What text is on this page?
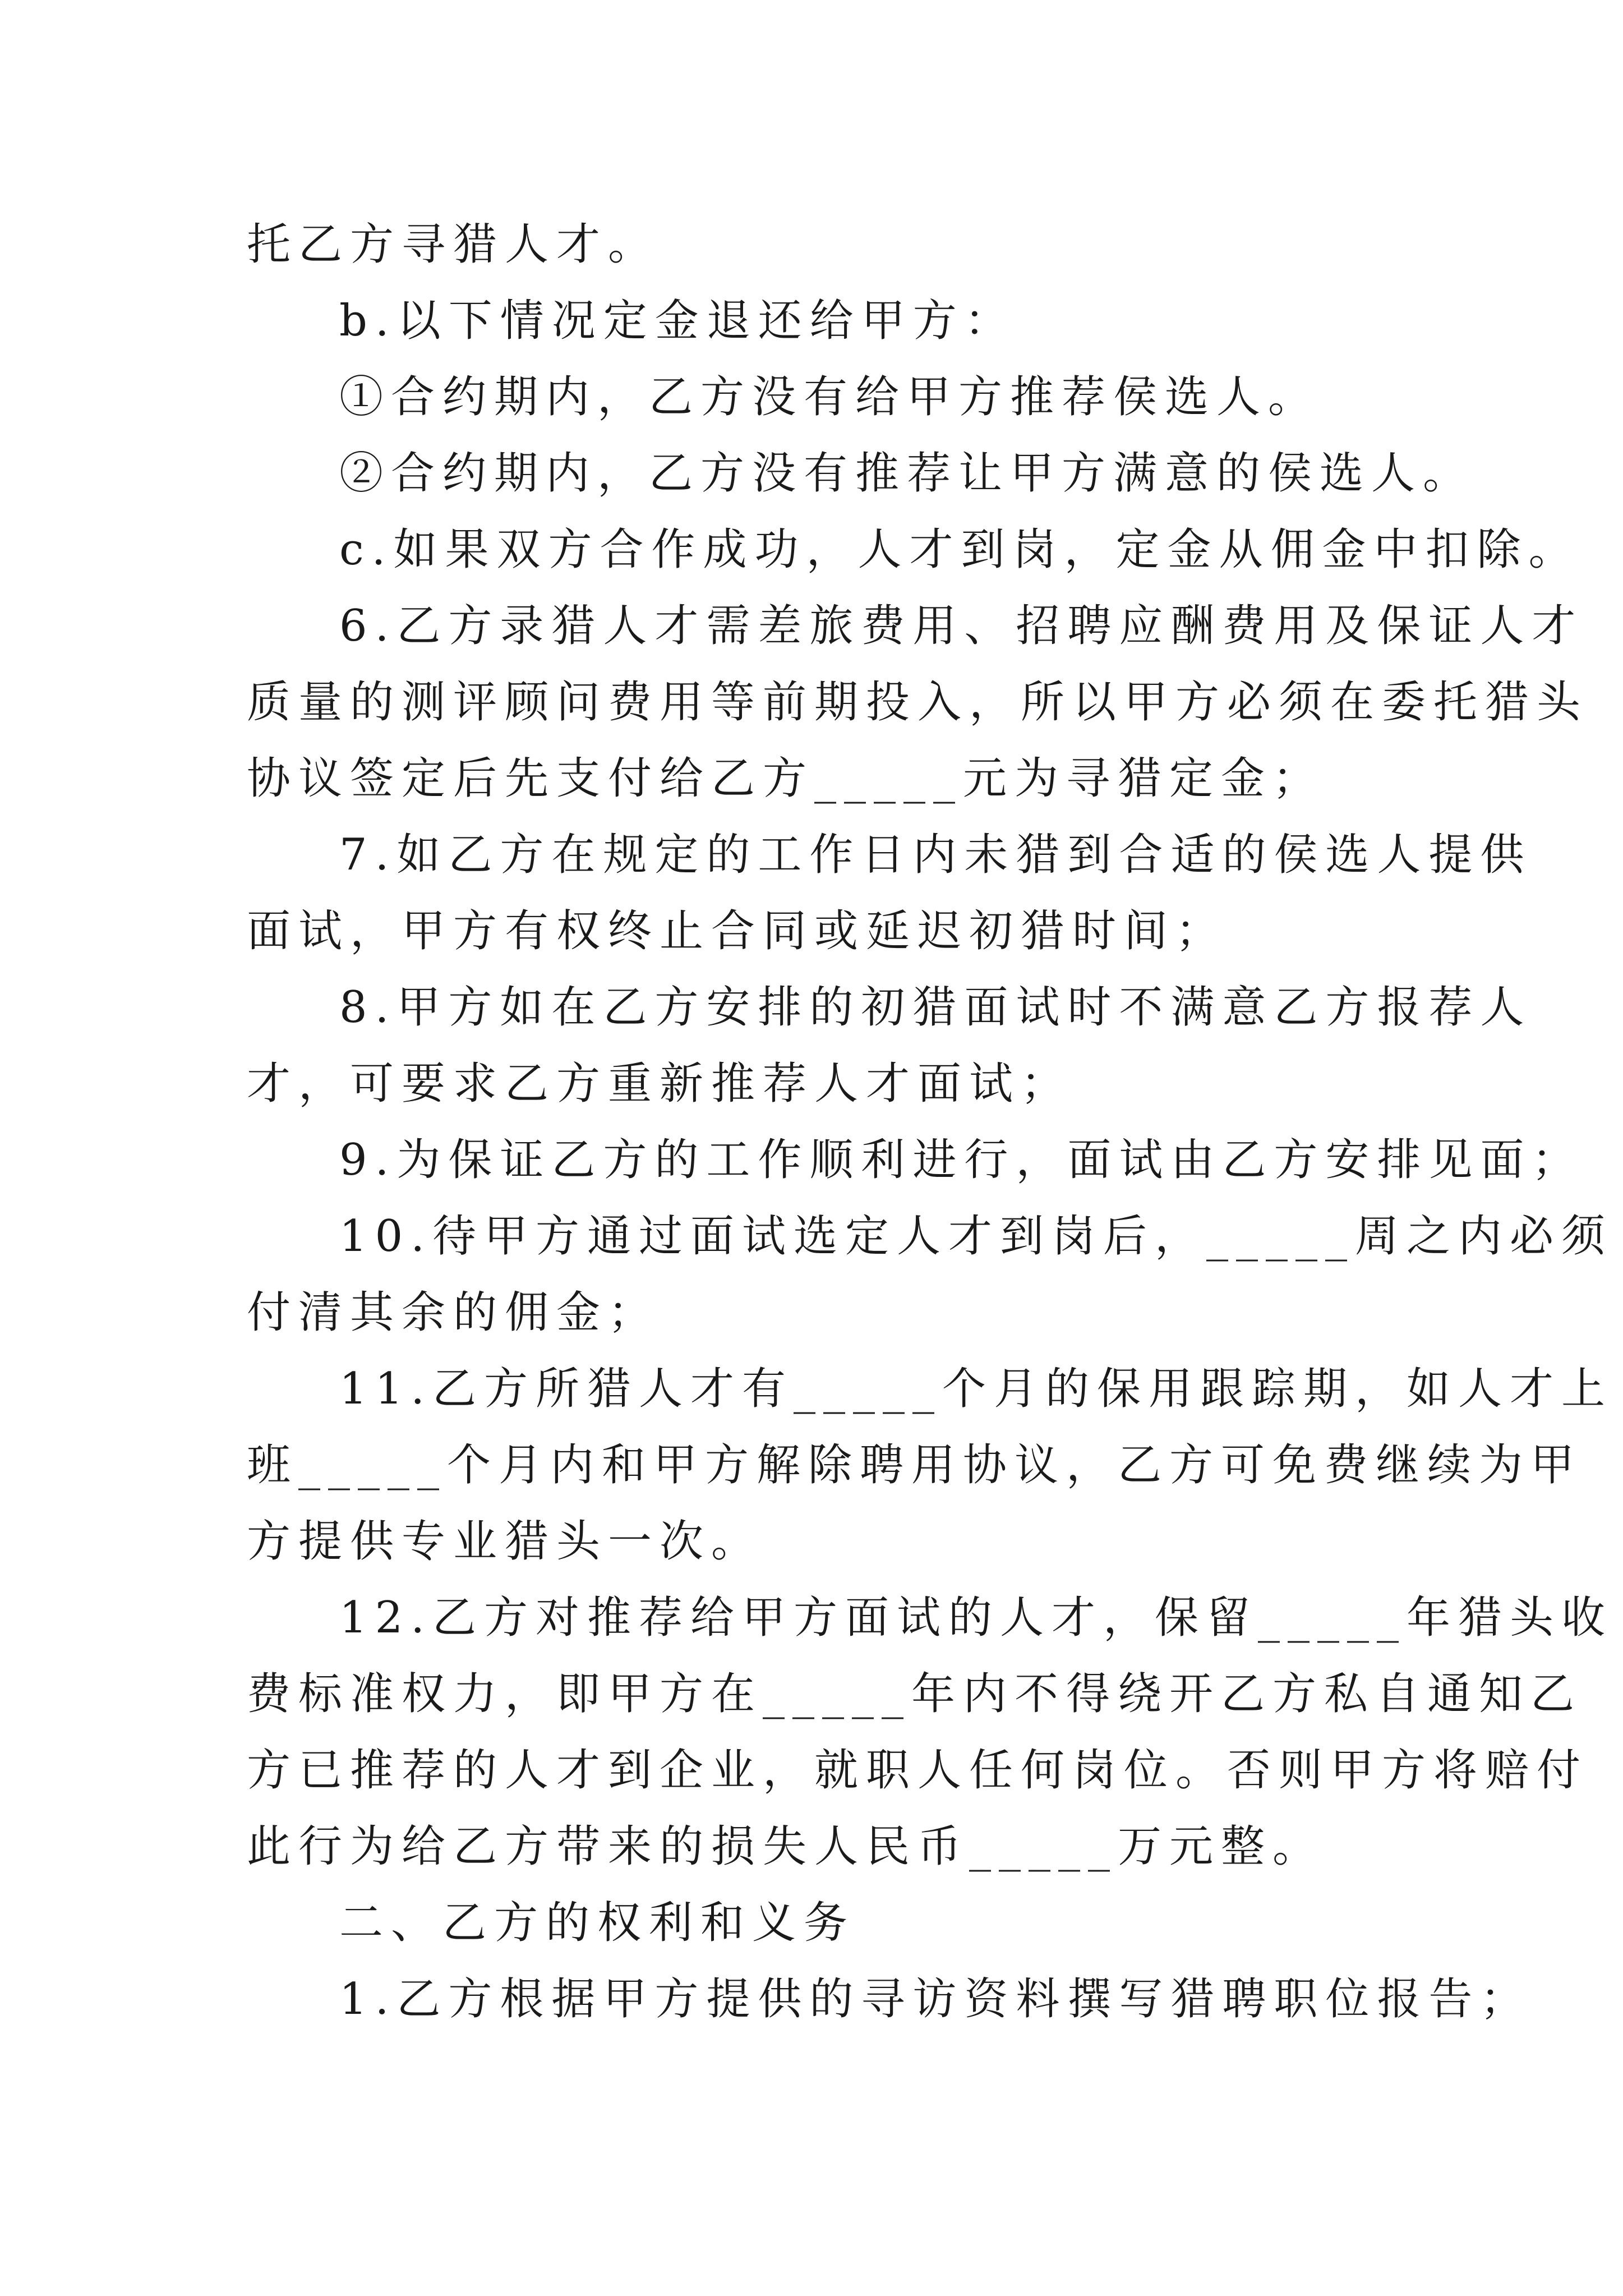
托乙方寻猎人才。
b.以下情况定金退还给甲方：
①合约期内，乙方没有给甲方推荐侯选人。
②合约期内，乙方没有推荐让甲方满意的侯选人。
c.如果双方合作成功，人才到岗，定金从佣金中扣除。
6.乙方录猎人才需差旅费用、招聘应酬费用及保证人才
质量的测评顾问费用等前期投入，所以甲方必须在委托猎头
协议签定后先支付给乙方_____元为寻猎定金；
7.如乙方在规定的工作日内未猎到合适的侯选人提供
面试，甲方有权终止合同或延迟初猎时间；
8.甲方如在乙方安排的初猎面试时不满意乙方报荐人
才，可要求乙方重新推荐人才面试；
9.为保证乙方的工作顺利进行，面试由乙方安排见面；
10.待甲方通过面试选定人才到岗后，_____周之内必须
付清其余的佣金；
11.乙方所猎人才有_____个月的保用跟踪期，如人才上
班_____个月内和甲方解除聘用协议，乙方可免费继续为甲
方提供专业猎头一次。
12.乙方对推荐给甲方面试的人才，保留_____年猎头收
费标准权力，即甲方在_____年内不得绕开乙方私自通知乙
方已推荐的人才到企业，就职人任何岗位。否则甲方将赔付
此行为给乙方带来的损失人民币_____万元整。
二、乙方的权利和义务
1.乙方根据甲方提供的寻访资料撰写猎聘职位报告；
